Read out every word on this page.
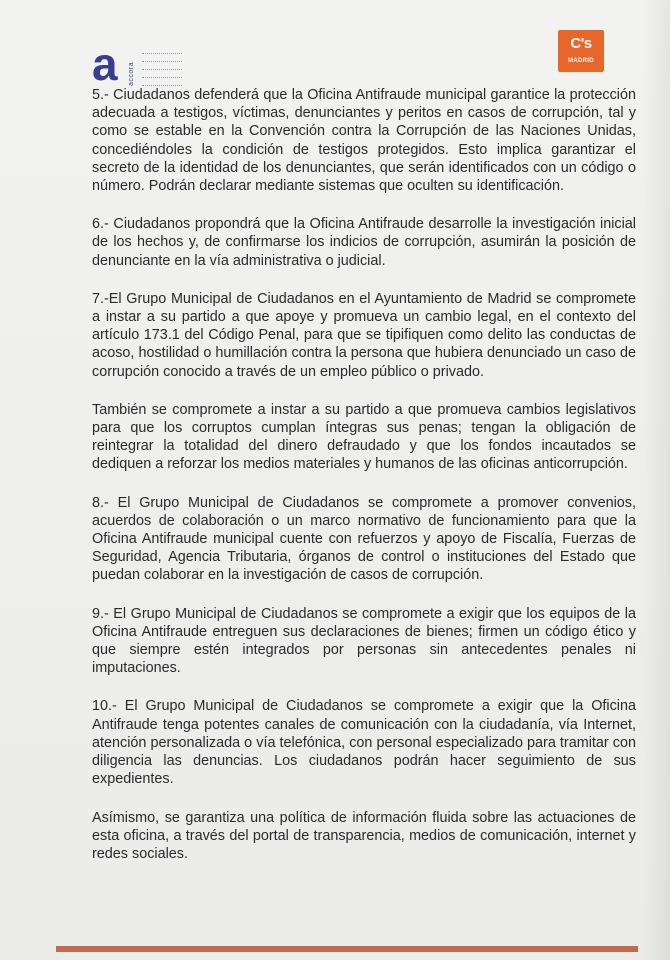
a accora
C's
MADRID

5.- Ciudadanos defenderá que la Oficina Antifraude municipal garantice la protección adecuada a testigos, víctimas, denunciantes y peritos en casos de corrupción, tal y como se estable en la Convención contra la Corrupción de las Naciones Unidas, concediéndoles la condición de testigos protegidos. Esto implica garantizar el secreto de la identidad de los denunciantes, que serán identificados con un código o número. Podrán declarar mediante sistemas que oculten su identificación.

6.- Ciudadanos propondrá que la Oficina Antifraude desarrolle la investigación inicial de los hechos y, de confirmarse los indicios de corrupción, asumirán la posición de denunciante en la vía administrativa o judicial.

7.-El Grupo Municipal de Ciudadanos en el Ayuntamiento de Madrid se compromete a instar a su partido a que apoye y promueva un cambio legal, en el contexto del artículo 173.1 del Código Penal, para que se tipifiquen como delito las conductas de acoso, hostilidad o humillación contra la persona que hubiera denunciado un caso de corrupción conocido a través de un empleo público o privado.

También se compromete a instar a su partido a que promueva cambios legislativos para que los corruptos cumplan íntegras sus penas; tengan la obligación de reintegrar la totalidad del dinero defraudado y que los fondos incautados se dediquen a reforzar los medios materiales y humanos de las oficinas anticorrupción.

8.- El Grupo Municipal de Ciudadanos se compromete a promover convenios, acuerdos de colaboración o un marco normativo de funcionamiento para que la Oficina Antifraude municipal cuente con refuerzos y apoyo de Fiscalía, Fuerzas de Seguridad, Agencia Tributaria, órganos de control o instituciones del Estado que puedan colaborar en la investigación de casos de corrupción.

9.- El Grupo Municipal de Ciudadanos se compromete a exigir que los equipos de la Oficina Antifraude entreguen sus declaraciones de bienes; firmen un código ético y que siempre estén integrados por personas sin antecedentes penales ni imputaciones.

10.- El Grupo Municipal de Ciudadanos se compromete a exigir que la Oficina Antifraude tenga potentes canales de comunicación con la ciudadanía, vía Internet, atención personalizada o vía telefónica, con personal especializado para tramitar con diligencia las denuncias. Los ciudadanos podrán hacer seguimiento de sus expedientes.

Asímismo, se garantiza una política de información fluida sobre las actuaciones de esta oficina, a través del portal de transparencia, medios de comunicación, internet y redes sociales.
